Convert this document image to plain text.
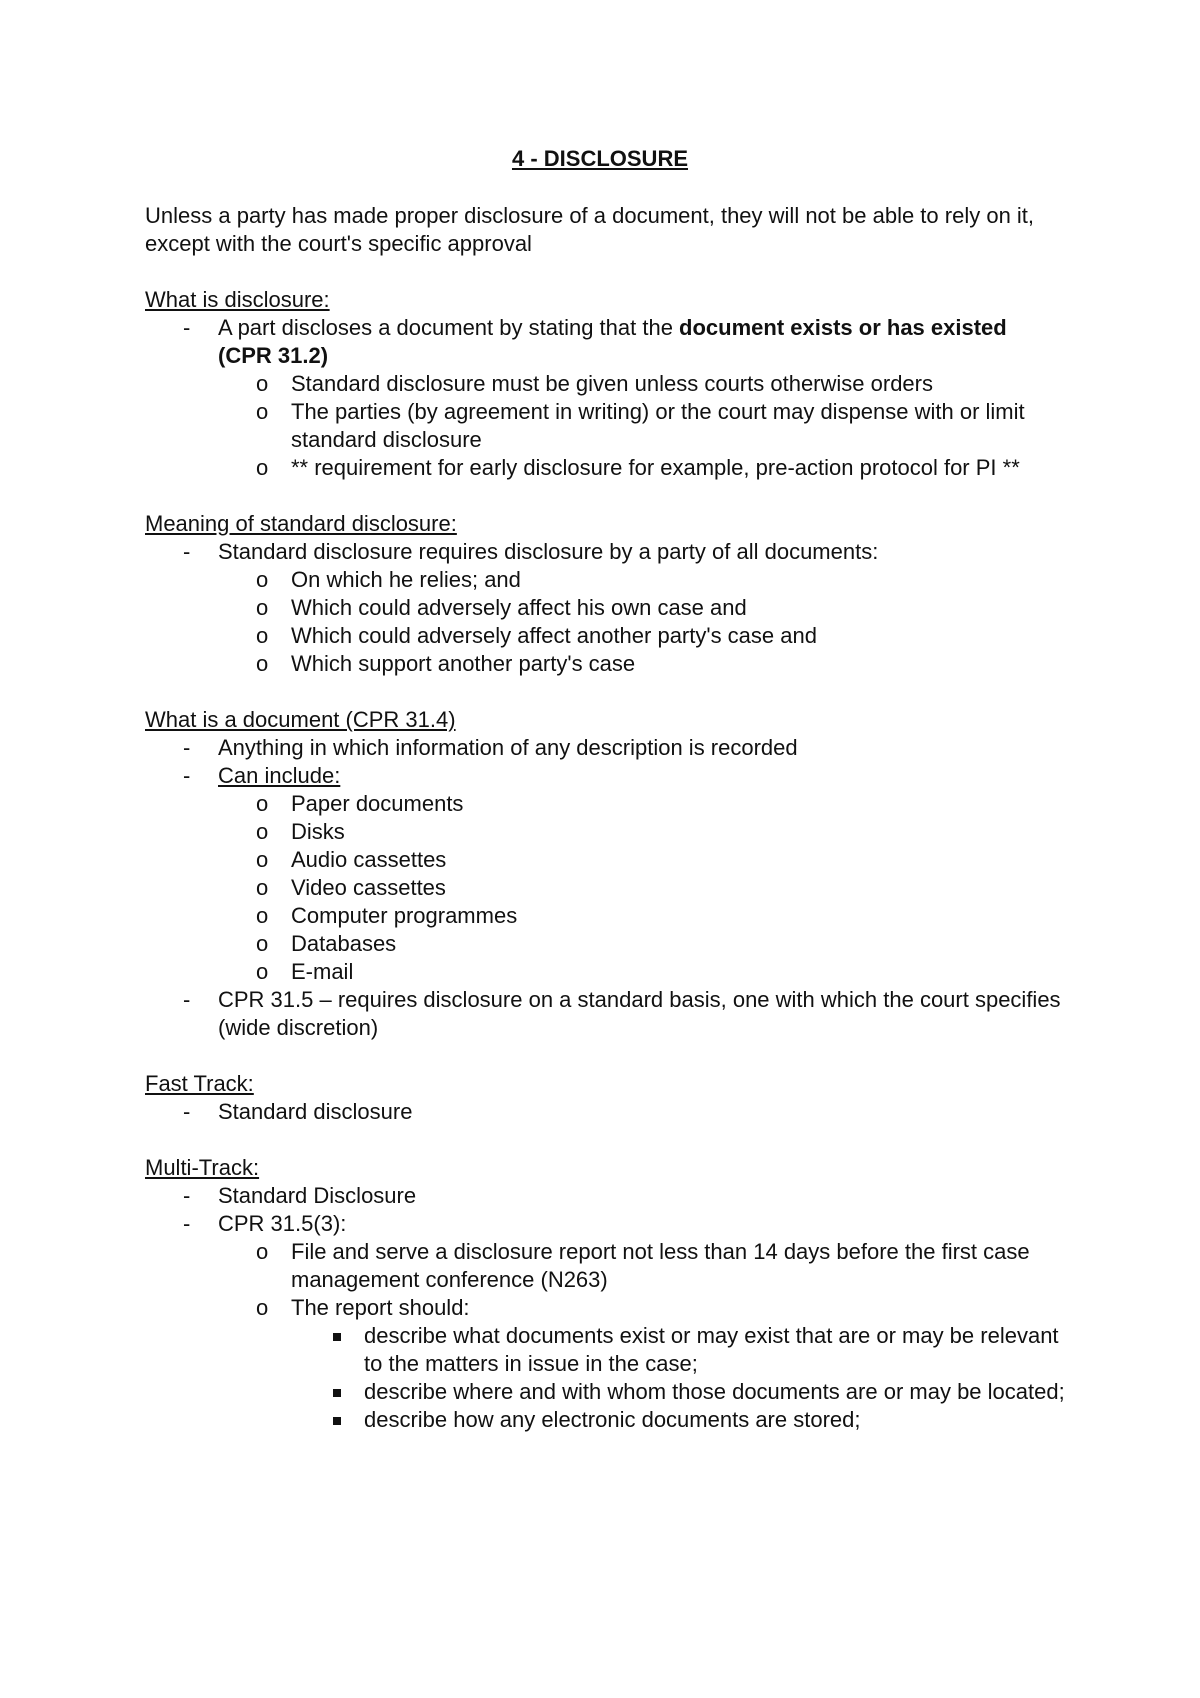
4 - DISCLOSURE

Unless a party has made proper disclosure of a document, they will not be able to rely on it, except with the court's specific approval

What is disclosure:

- A part discloses a document by stating that the document exists or has existed (CPR 31.2)
o Standard disclosure must be given unless courts otherwise orders
o The parties (by agreement in writing) or the court may dispense with or limit standard disclosure
o ** requirement for early disclosure for example, pre-action protocol for PI **

Meaning of standard disclosure:

- Standard disclosure requires disclosure by a party of all documents:
o On which he relies; and
o Which could adversely affect his own case and
o Which could adversely affect another party's case and
o Which support another party's case

What is a document (CPR 31.4)

- Anything in which information of any description is recorded
- Can include:
o Paper documents
o Disks
o Audio cassettes
o Video cassettes
o Computer programmes
o Databases
o E-mail
- CPR 31.5 – requires disclosure on a standard basis, one with which the court specifies (wide discretion)

Fast Track:

- Standard disclosure

Multi-Track:

- Standard Disclosure
- CPR 31.5(3):
o File and serve a disclosure report not less than 14 days before the first case management conference (N263)
o The report should:
describe what documents exist or may exist that are or may be relevant to the matters in issue in the case;
describe where and with whom those documents are or may be located;
describe how any electronic documents are stored;
